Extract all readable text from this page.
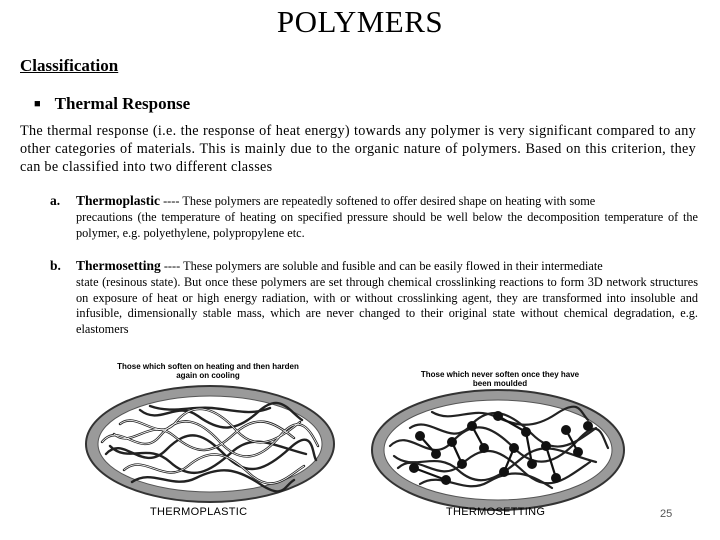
POLYMERS
Classification
■ Thermal Response
The thermal response (i.e. the response of heat energy) towards any polymer is very significant compared to any other categories of materials. This is mainly due to the organic nature of polymers. Based on this criterion, they can be classified into two different classes
a. Thermoplastic ---- These polymers are repeatedly softened to offer desired shape on heating with some
precautions (the temperature of heating on specified pressure should be well below the decomposition temperature of the polymer, e.g. polyethylene, polypropylene etc.
b. Thermosetting ---- These polymers are soluble and fusible and can be easily flowed in their intermediate
state (resinous state). But once these polymers are set through chemical crosslinking reactions to form 3D network structures on exposure of heat or high energy radiation, with or without crosslinking agent, they are transformed into insoluble and infusible, dimensionally stable mass, which are never changed to their original state without chemical degradation, e.g. elastomers
Those which soften on heating and then harden
again on cooling	Those which never soften once they have
been moulded
THERMOPLASTIC	THERMOSETTING	25
